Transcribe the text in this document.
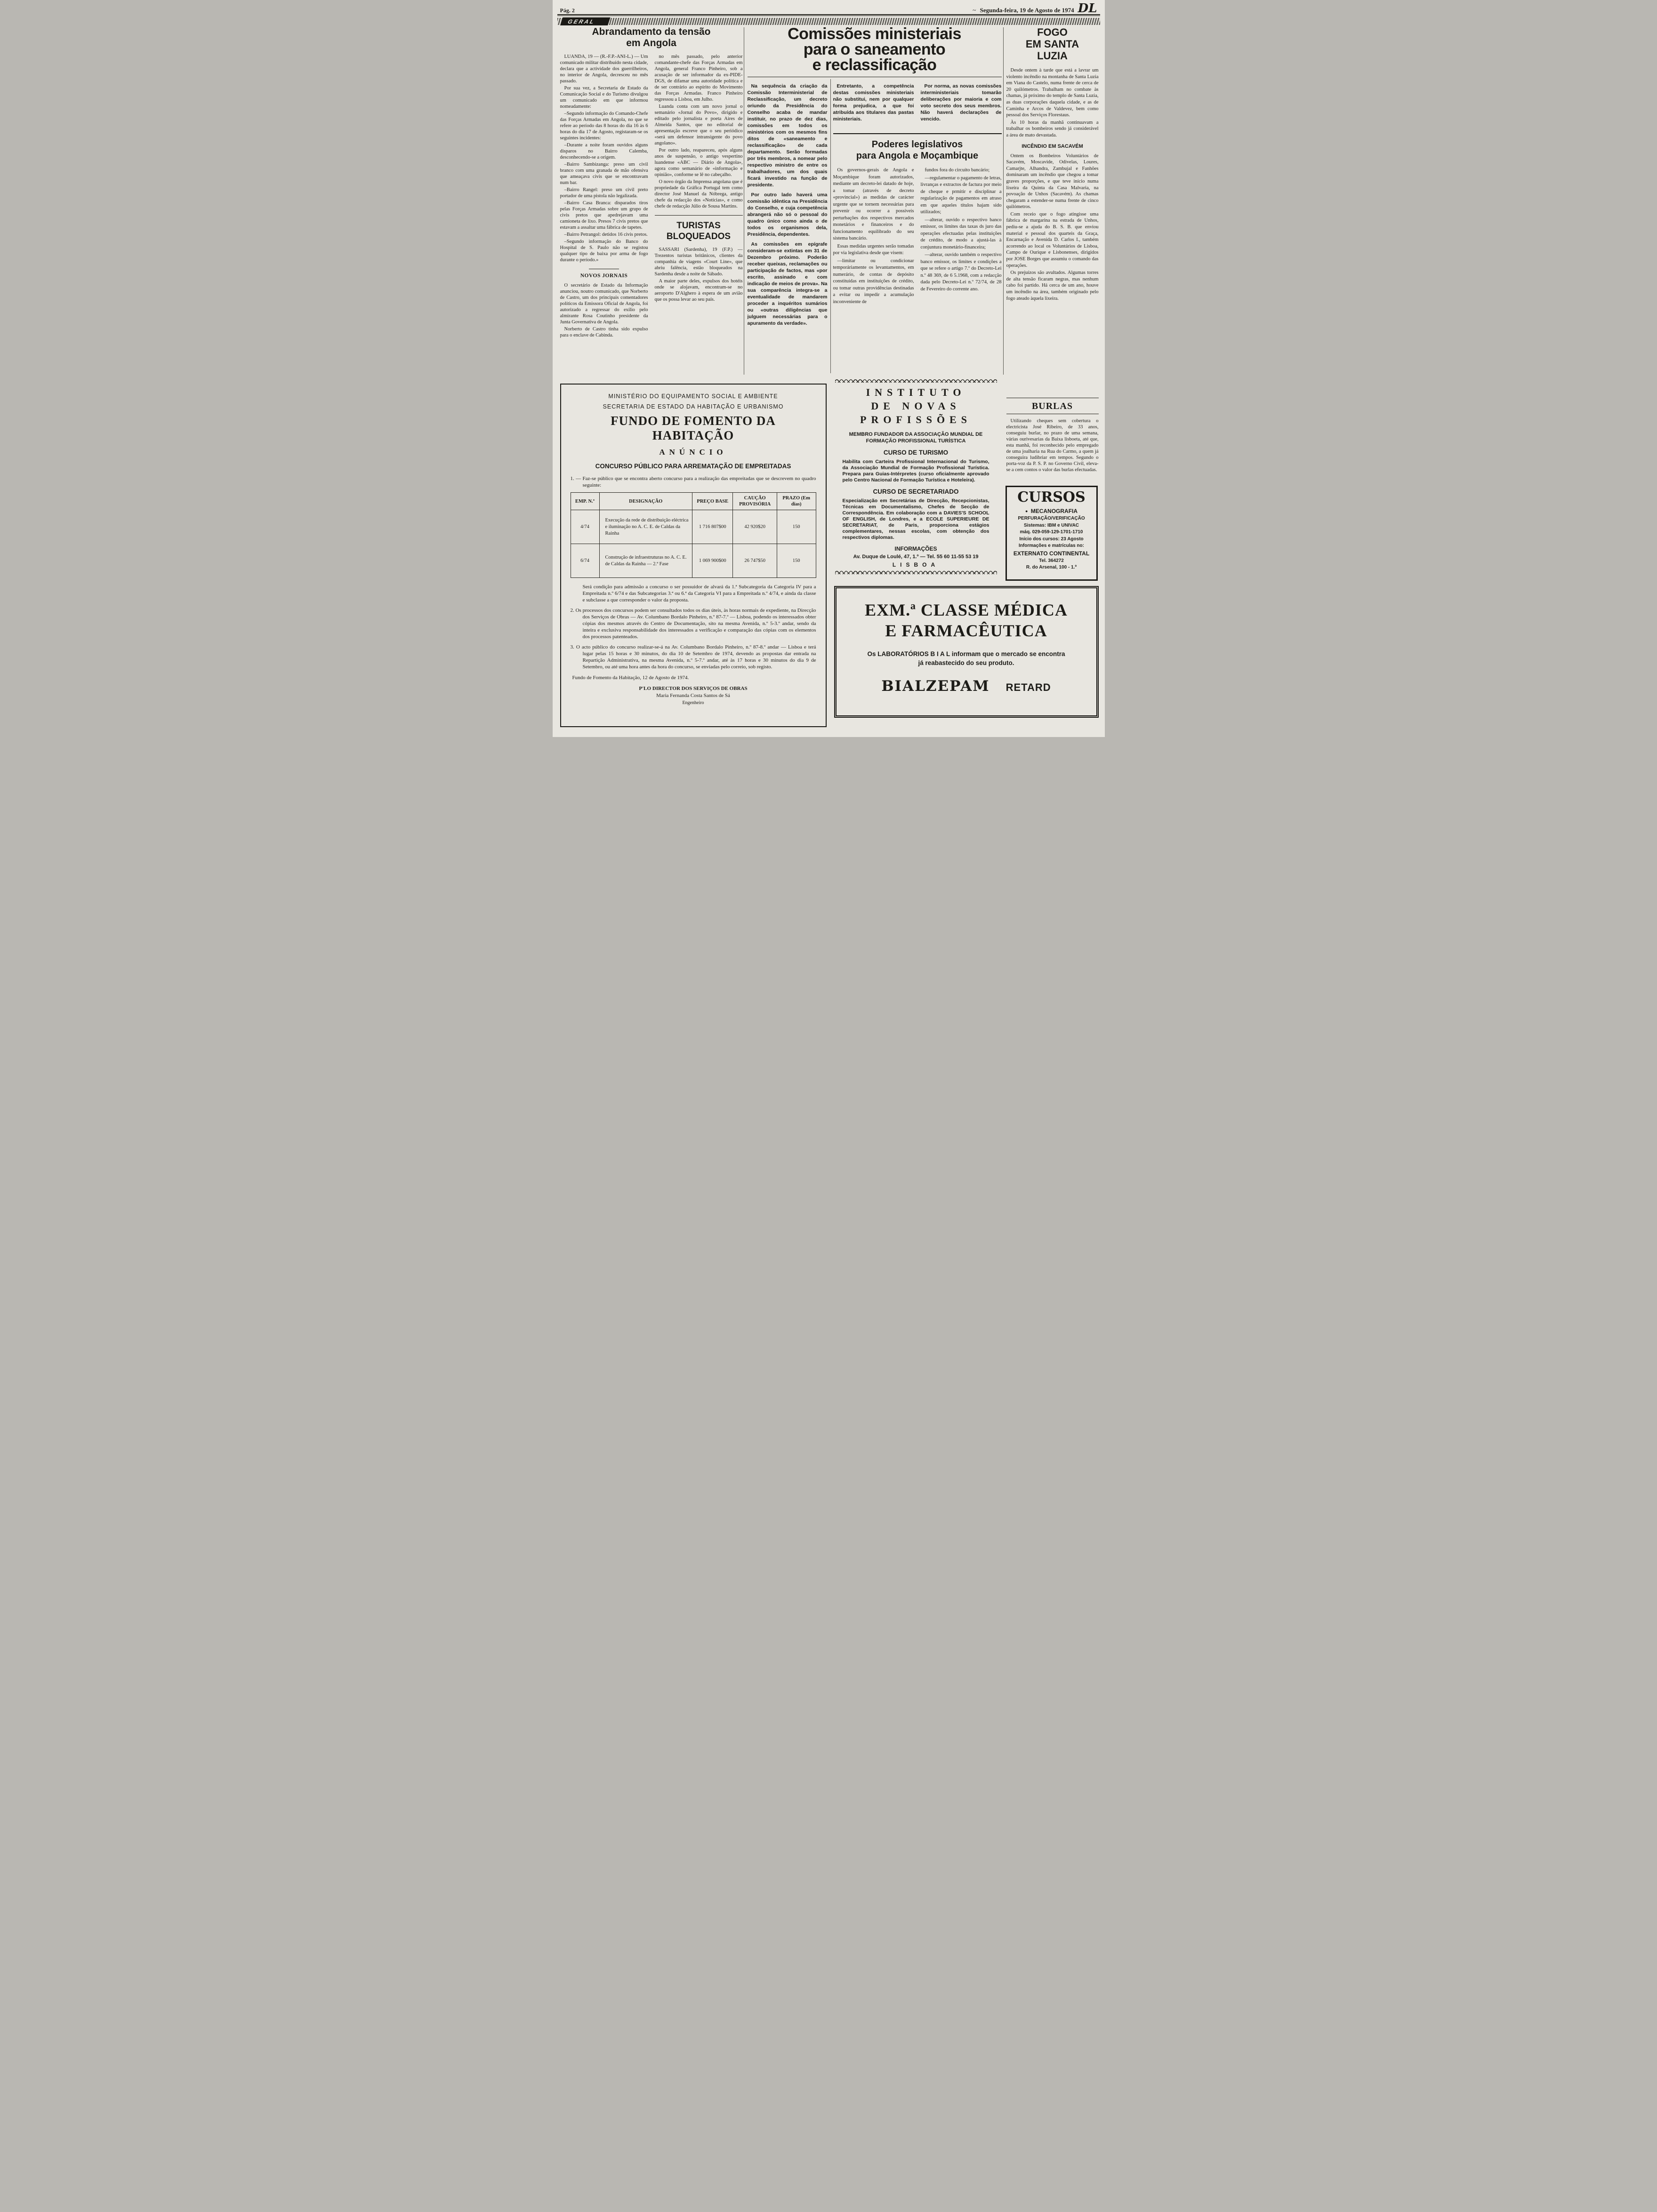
Pág. 2	~ Segunda-feira, 19 de Agosto de 1974 DL
GERAL
Abrandamento da tensão
em Angola

LUANDA, 19 — (R.-F.P.-ANI-L.) — Um comunicado militar distribuído nesta cidade, declara que a actividade dos guerrilheiros, no interior de Angola, decresceu no mês passado.

Por sua vez, a Secretaria de Estado da Comunicação Social e do Turismo divulgou um comunicado em que informou nomeadamente:

–Segundo informação do Comando-Chefe das Forças Armadas em Angola, no que se refere ao período das 8 horas do dia 16 às 6 horas do dia 17 de Agosto, registaram-se os seguintes incidentes:

–Durante a noite foram ouvidos alguns disparos no Bairro Calemba, desconhecendo-se a origem.

–Bairro Sambizanga: preso um civil branco com uma granada de mão ofensiva que ameaçava civis que se encontravam num bar.

–Bairro Rangel: preso um civil preto portador de uma pistola não legalizada.

–Bairro Casa Branca: disparados tiros pelas Forças Armadas sobre um grupo de civis pretos que apedrejavam uma camioneta de lixo. Presos 7 civis pretos que estavam a assaltar uma fábrica de tapetes.

–Bairro Petrangol: detidos 16 civis pretos.

–Segundo informação do Banco do Hospital de S. Paulo não se registou qualquer tipo de baixa por arma de fogo durante o período.»

NOVOS JORNAIS

O secretário de Estado da Informação anunciou, noutro comunicado, que Norberto de Castro, um dos principais comentadores políticos da Emissora Oficial de Angola, foi autorizado a regressar do exílio pelo almirante Rosa Coutinho presidente da Junta Governativa de Angola.

Norberto de Castro tinha sido expulso para o enclave de Cabinda.

no mês passado, pelo anterior comandante-chefe das Forças Armadas em Angola, general Franco Pinheiro, sob a acusação de ser informador da ex-PIDE-DGS, de difamar uma autoridade política e de ser contrário ao espírito do Movimento das Forças Armadas. Franco Pinheiro regressou a Lisboa, em Julho.

Luanda conta com um novo jornal o semanário «Jornal do Povo», dirigido e editado pelo jornalista e poeta Aires de Almeida Santos, que no editorial de apresentação escreve que o seu periódico «será um defensor intransigente do povo angolano».

Por outro lado, reapareceu, após alguns anos de suspensão, o antigo vespertino luandense «ABC — Diário de Angola», agora como semanário de «informação e opinião», conforme se lê no cabeçalho.

O novo órgão da Imprensa angolana que é propriedade da Gráfica Portugal tem como director José Manuel da Nóbrega, antigo chefe da redacção dos «Notícias», e como chefe de redacção Júlio de Sousa Martins.

TURISTAS
BLOQUEADOS

SASSARI (Sardenha), 19 (F.P.) — Trezentos turistas britânicos, clientes da companhia de viagens «Court Line», que abriu falência, estão bloqueados na Sardenha desde a noite de Sábado.

A maior parte deles, expulsos dos hotéis onde se alojavam, encontram-se no aeroporto D'Alghero à espera de um avião que os possa levar ao seu país.

Comissões ministeriais
para o saneamento
e reclassificação

Na sequência da criação da Comissão Interministerial de Reclassificação, um decreto oriundo da Presidência do Conselho acaba de mandar instituir, no prazo de dez dias, comissões em todos os ministérios com os mesmos fins ditos de «saneamento e reclassificação» de cada departamento. Serão formadas por três membros, a nomear pelo respectivo ministro de entre os trabalhadores, um dos quais ficará investido na função de presidente.

Por outro lado haverá uma comissão idêntica na Presidência do Conselho, e cuja competência abrangerá não só o pessoal do quadro único como ainda o de todos os organismos dela, Presidência, dependentes.

As comissões em epígrafe consideram-se extintas em 31 de Dezembro próximo. Poderão receber queixas, reclamações ou participação de factos, mas «por escrito, assinado e com indicação de meios de prova». Na sua comparência integra-se a eventualidade de mandarem proceder a inquéritos sumários ou «outras diligências que julguem necessárias para o apuramento da verdade».

Entretanto, a competência destas comissões ministeriais não substitui, nem por qualquer forma prejudica, a que foi atribuída aos titulares das pastas ministeriais.

Por norma, as novas comissões interministeriais tomarão deliberações por maioria e com voto secreto dos seus membros. Não haverá declarações de vencido.

Poderes legislativos
para Angola e Moçambique

Os governos-gerais de Angola e Moçambique foram autorizados, mediante um decreto-lei datado de hoje, a tomar (através de decreto «provincial») as medidas de carácter urgente que se tornem necessárias para prevenir ou ocorrer a possíveis perturbações dos respectivos mercados monetários e financeiros e do funcionamento equilibrado do seu sistema bancário.

Essas medidas urgentes serão tomadas por via legislativa desde que visem:

—limitar ou condicionar temporáriamente os levantamentos, em numerário, de contas de depósito constituídas em instituições de crédito, ou tomar outras providências destinadas a evitar ou impedir a acumulação inconveniente de

fundos fora do circuito bancário;

—regulamentar o pagamento de letras, livranças e extractos de factura por meio de cheque e prmitir e disciplinar a regularização de pagamentos em atraso em que aqueles títulos hajam sido utilizados;

—alterar, ouvido o respectivo banco emissor, os limites das taxas ds juro das operações efectuadas pelas instituições de crédito, de modo a ajustá-las à conjuntura monetário-financeira;

—alterar, ouvido também o respectivo banco emissor, os limites e condições a que se refere o artigo 7.º do Decreto-Lei n.º 48 369, de 6 5.1968, com a redacção dada pelo Decreto-Lei n.º 72/74, de 28 de Fevereiro do corrente ano.

FOGO
EM SANTA
LUZIA

Desde ontem à tarde que está a lavrar um violento incêndio na montanha de Santa Luzia em Viana do Castelo, numa frente de cerca de 20 quilómetros. Trabalham no combate às chamas, já próximo do templo de Santa Luzia, as duas corporações daquela cidade, e as de Caminha e Arcos de Valdevez, bem como pessoal dos Serviços Florestaus.

Às 10 horas da manhã continuavam a trabalhar os bombeiros sendo já considerável a área de mato devastada.

INCÊNDIO EM SACAVÉM

Ontem os Bombeiros Voluntários de Sacavém, Moscavide, Odivelas, Loures, Camarjte, Alhandra, Zambujal e Fanhões dominaram um incêndio que chegou a tomar graves proporções, e que teve início numa lixeira da Quinta da Casa Malvaria, na povoação de Unhos (Sacavém). As chamas chegaram a estender-se numa frente de cinco quilómetros.

Com receio que o fogo atingisse uma fábrica de margarina na estrada de Unhos, pediu-se a ajuda do B. S. B. que enviou material e pessoal dos quarteis da Graça, Encarnação e Avenida D. Carlos I., também acorrendo ao local os Voluntários de Lisboa, Campo de Ourique e Lisbonenses, dirigidos por JOSE Borges que assumiu o comando das operações.

Os prejuízos são avultados. Algumas torres de alta tensão ficaram negras, mas nenhum cabo foi partido. Há cerca de um ano, houve um incêndio na área, também originado pelo fogo ateado àquela lixeira.

BURLAS

Utilizando cheques sem cobertura o electricista José Ribeiro, de 33 anos, conseguiu burlar, no prazo de uma semana, várias ourivesarias da Baixa lisboeta, até que, esta manhã, foi reconhecido pelo empregado de uma joalharia na Rua do Carmo, a quem já conseguira ludibriar em tempos. Segundo o porta-voz da P. S. P. no Governo Civil, eleva-se a cem contos o valor das burlas efectuadas.

CURSOS
● MECANOGRAFIA
PERFURAÇÃO/VERIFICAÇÃO
Sistemas: IBM e UNIVAC
máq. 029-059-129-1701-1710
Início dos cursos: 23 Agosto
Informações e matrículas no:
EXTERNATO CONTINENTAL
Tel. 364272
R. do Arsenal, 100 - 1.º
MINISTÉRIO DO EQUIPAMENTO SOCIAL E AMBIENTE
SECRETARIA DE ESTADO DA HABITAÇÃO E URBANISMO
FUNDO DE FOMENTO DA HABITAÇÃO
ANÚNCIO
CONCURSO PÚBLICO PARA ARREMATAÇÃO DE EMPREITADAS

1. — Faz-se público que se encontra aberto concurso para a realização das empreitadas que se descrevem no quadro seguinte:

EMP. N.º	DESIGNAÇÃO	PREÇO BASE	CAUÇÃO PROVISÓRIA	PRAZO (Em dias)
4/74	Execução da rede de distribuição eléctrica e iluminação no A. C. E. de Caldas da Rainha	1 716 807$00	42 920$20	150
6/74	Construção de infraestruturas no A. C. E. de Caldas da Rainha — 2.ª Fase	1 069 900$00	26 747$50	150

Será condição para admissão a concurso o ser possuidor de alvará da 1.ª Subcategoria da Categoria IV para a Empreitada n.º 6/74 e das Subcategorias 3.ª ou 6.ª da Categoria VI para a Empreitada n.º 4/74, e ainda da classe e subclasse a que corresponder o valor da proposta.

2. Os processos dos concursos podem ser consultados todos os dias úteis, às horas normais de expediente, na Direcção dos Serviços de Obras — Av. Columbano Bordalo Pinheiro, n.º 87-7.º — Lisboa, podendo os interessados obter cópias dos mesmos através do Centro de Documentação, sito na mesma Avenida, n.º 5-3.º andar, sendo da inteira e exclusiva responsabilidade dos interessados a verificação e comparação das cópias com os elementos dos processos patenteados.

3. O acto público do concurso realizar-se-á na Av. Columbano Bordalo Pinheiro, n.º 87-8.º andar — Lisboa e terá lugar pelas 15 horas e 30 minutos, do dia 10 de Setembro de 1974, devendo as propostas dar entrada na Repartição Administrativa, na mesma Avenida, n.º 5-7.º andar, até às 17 horas e 30 minutos do dia 9 de Setembro, ou até uma hora antes da hora do concurso, se enviadas pelo correio, sob registo.

Fundo de Fomento da Habitação, 12 de Agosto de 1974.

P'LO DIRECTOR DOS SERVIÇOS DE OBRAS
Maria Fernanda Costa Santos de Sá
Engenheiro
INSTITUTO
DE NOVAS
PROFISSÕES
MEMBRO FUNDADOR DA ASSOCIAÇÃO MUNDIAL DE FORMAÇÃO PROFISSIONAL TURÍSTICA
CURSO DE TURISMO
Habilita com Carteira Profissional Internacional do Turismo, da Associação Mundial de Formação Profissional Turística. Prepara para Guias-Intérpretes (curso oficialmente aprovado pelo Centro Nacional de Formação Turística e Hoteleira).
CURSO DE SECRETARIADO
Especialização em Secretárias de Direcção, Recepcionistas, Técnicas em Documentalismo, Chefes de Secção de Correspondência. Em colaboração com a DAVIES'S SCHOOL OF ENGLISH, de Londres, e a ECOLE SUPERIEURE DE SECRETARIAT, de Paris, proporciona estágios complementares, nessas escolas, com obtenção dos respectivos diplomas.
INFORMAÇÕES
Av. Duque de Loulé, 47, 1.º — Tel. 55 60 11-55 53 19
LISBOA
EXM.ª CLASSE MÉDICA
E FARMACÊUTICA
Os LABORATÓRIOS B I A L informam que o mercado se encontra já reabastecido do seu produto.
BIALZEPAM RETARD
